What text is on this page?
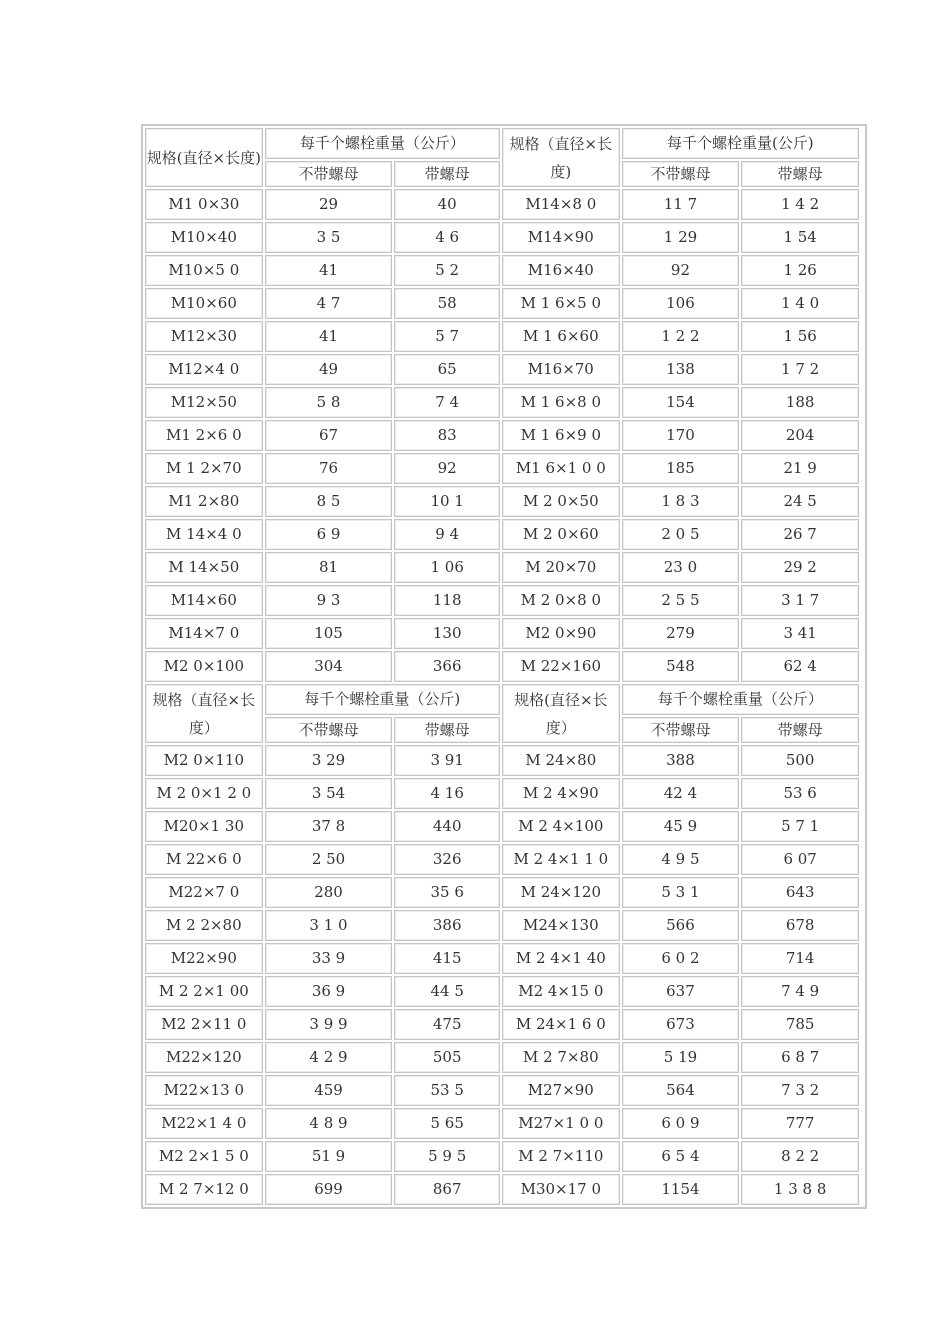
规格(直径×长度)	每千个螺栓重量（公斤）		规格（直径×长度)	每千个螺栓重量(公斤)	
	不带螺母	带螺母		不带螺母	带螺母
M1 0×30	29	40	M14×8 0	11 7	1 4 2
M10×40	3 5	4 6	M14×90	1 29	1 54
M10×5 0	41	5 2	M16×40	92	1 26
M10×60	4 7	58	M 1 6×5 0	106	1 4 0
M12×30	41	5 7	M 1 6×60	1 2 2	1 56
M12×4 0	49	65	M16×70	138	1 7 2
M12×50	5 8	7 4	M 1 6×8 0	154	188
M1 2×6 0	67	83	M 1 6×9 0	170	204
M 1 2×70	76	92	M1 6×1 0 0	185	21 9
M1 2×80	8 5	10 1	M 2 0×50	1 8 3	24 5
M 14×4 0	6 9	9 4	M 2 0×60	2 0 5	26 7
M 14×50	81	1 06	M 20×70	23 0	29 2
M14×60	9 3	118	M 2 0×8 0	2 5 5	3 1 7
M14×7 0	105	130	M2 0×90	279	3 41
M2 0×100	304	366	M 22×160	548	62 4
规格（直径×长度）	每千个螺栓重量（公斤)		规格(直径×长度）	每千个螺栓重量（公斤）	
	不带螺母	带螺母		不带螺母	带螺母
M2 0×110	3 29	3 91	M 24×80	388	500
M 2 0×1 2 0	3 54	4 16	M 2 4×90	42 4	53 6
M20×1 30	37 8	440	M 2 4×100	45 9	5 7 1
M 22×6 0	2 50	326	M 2 4×1 1 0	4 9 5	6 07
M22×7 0	280	35 6	M 24×120	5 3 1	643
M 2 2×80	3 1 0	386	M24×130	566	678
M22×90	33 9	415	M 2 4×1 40	6 0 2	714
M 2 2×1 00	36 9	44 5	M2 4×15 0	637	7 4 9
M2 2×11 0	3 9 9	475	M 24×1 6 0	673	785
M22×120	4 2 9	505	M 2 7×80	5 19	6 8 7
M22×13 0	459	53 5	M27×90	564	7 3 2
M22×1 4 0	4 8 9	5 65	M27×1 0 0	6 0 9	777
M2 2×1 5 0	51 9	5 9 5	M 2 7×110	6 5 4	8 2 2
M 2 7×12 0	699	867	M30×17 0	1154	1 3 8 8
